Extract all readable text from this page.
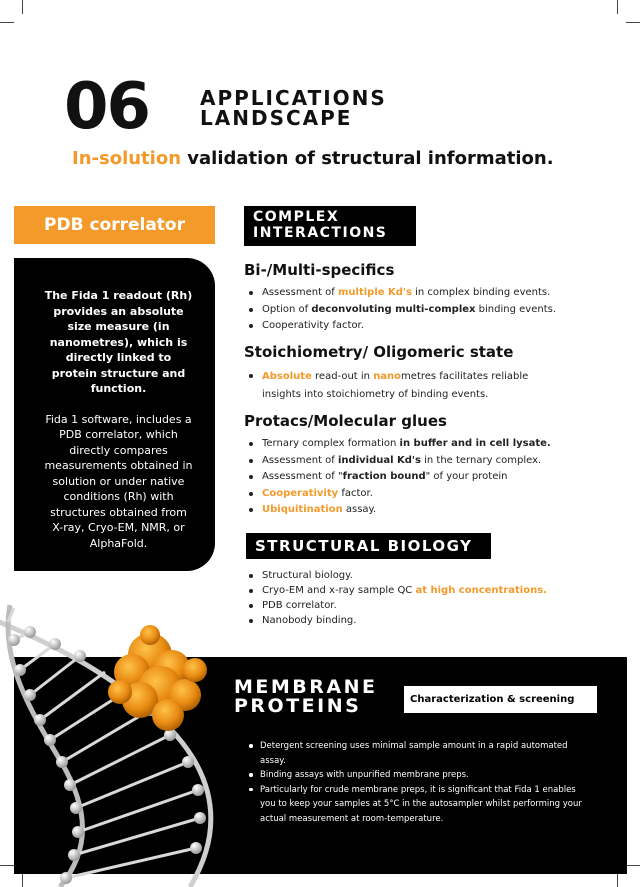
06	APPLICATIONS
LANDSCAPE
In-solution validation of structural information.
PDB correlator

The Fida 1 readout (Rh) provides an absolute size measure (in nanometres), which is directly linked to protein structure and function.

Fida 1 software, includes a PDB correlator, which directly compares measurements obtained in solution or under native conditions (Rh) with structures obtained from X-ray, Cryo-EM, NMR, or AlphaFold.

COMPLEX
INTERACTIONS
Bi-/Multi-specifics
Assessment of multiple Kd's in complex binding events.
Option of deconvoluting multi-complex binding events.
Cooperativity factor.
Stoichiometry/ Oligomeric state
Absolute read-out in nanometres facilitates reliable insights into stoichiometry of binding events.
Protacs/Molecular glues
Ternary complex formation in buffer and in cell lysate.
Assessment of individual Kd's in the ternary complex.
Assessment of "fraction bound" of your protein
Cooperativity factor.
Ubiquitination assay.
STRUCTURAL BIOLOGY
Structural biology.
Cryo-EM and x-ray sample QC at high concentrations.
PDB correlator.
Nanobody binding.
MEMBRANE
PROTEINS	Characterization & screening
Detergent screening uses minimal sample amount in a rapid automated assay.
Binding assays with unpurified membrane preps.
Particularly for crude membrane preps, it is significant that Fida 1 enables you to keep your samples at 5°C in the autosampler whilst performing your actual measurement at room-temperature.
